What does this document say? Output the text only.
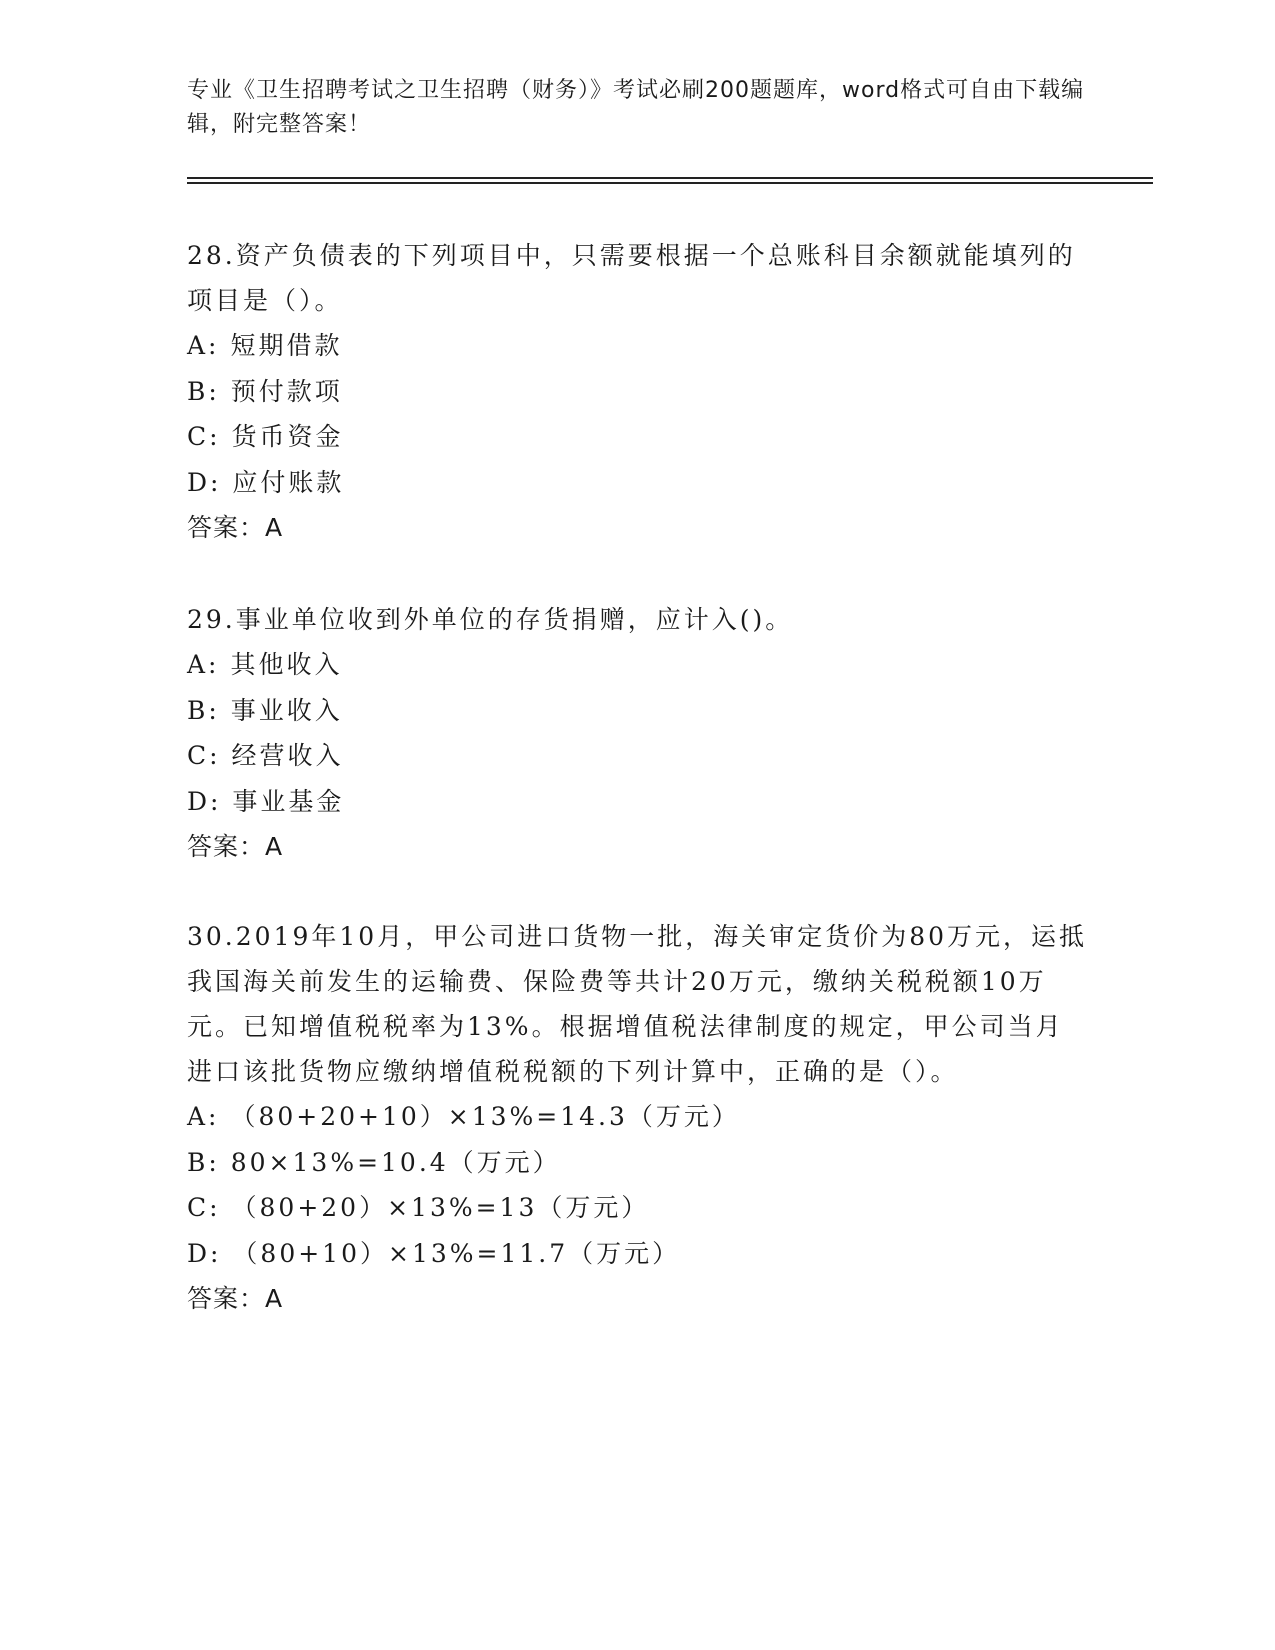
专业《卫生招聘考试之卫生招聘（财务）》考试必刷200题题库，word格式可自由下载编辑，附完整答案！

28.资产负债表的下列项目中，只需要根据一个总账科目余额就能填列的项目是（）。

A: 短期借款

B: 预付款项

C: 货币资金

D: 应付账款

答案：A

29.事业单位收到外单位的存货捐赠，应计入()。

A: 其他收入

B: 事业收入

C: 经营收入

D: 事业基金

答案：A

30.2019年10月，甲公司进口货物一批，海关审定货价为80万元，运抵我国海关前发生的运输费、保险费等共计20万元，缴纳关税税额10万元。已知增值税税率为13%。根据增值税法律制度的规定，甲公司当月进口该批货物应缴纳增值税税额的下列计算中，正确的是（）。

A: （80+20+10）×13%=14.3（万元）

B: 80×13%=10.4（万元）

C: （80+20）×13%=13（万元）

D: （80+10）×13%=11.7（万元）

答案：A
